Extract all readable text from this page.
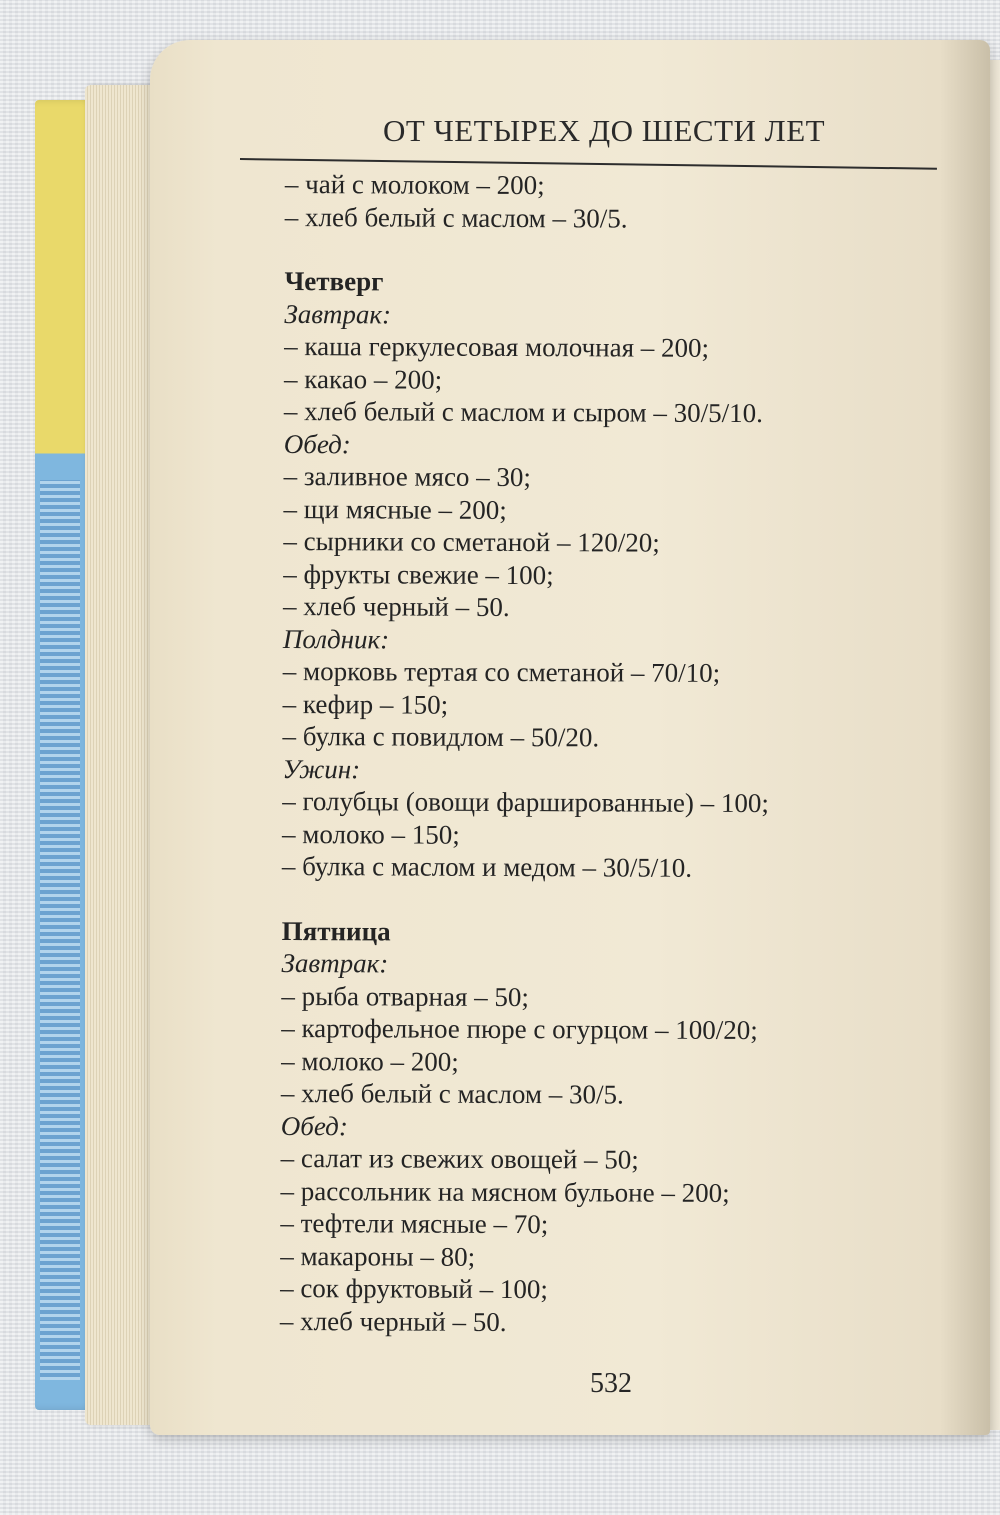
ОТ ЧЕТЫРЕХ ДО ШЕСТИ ЛЕТ
– чай с молоком – 200;
– хлеб белый с маслом – 30/5.
Четверг
Завтрак:
– каша геркулесовая молочная – 200;
– какао – 200;
– хлеб белый с маслом и сыром – 30/5/10.
Обед:
– заливное мясо – 30;
– щи мясные – 200;
– сырники со сметаной – 120/20;
– фрукты свежие – 100;
– хлеб черный – 50.
Полдник:
– морковь тертая со сметаной – 70/10;
– кефир – 150;
– булка с повидлом – 50/20.
Ужин:
– голубцы (овощи фаршированные) – 100;
– молоко – 150;
– булка с маслом и медом – 30/5/10.
Пятница
Завтрак:
– рыба отварная – 50;
– картофельное пюре с огурцом – 100/20;
– молоко – 200;
– хлеб белый с маслом – 30/5.
Обед:
– салат из свежих овощей – 50;
– рассольник на мясном бульоне – 200;
– тефтели мясные – 70;
– макароны – 80;
– сок фруктовый – 100;
– хлеб черный – 50.
532
